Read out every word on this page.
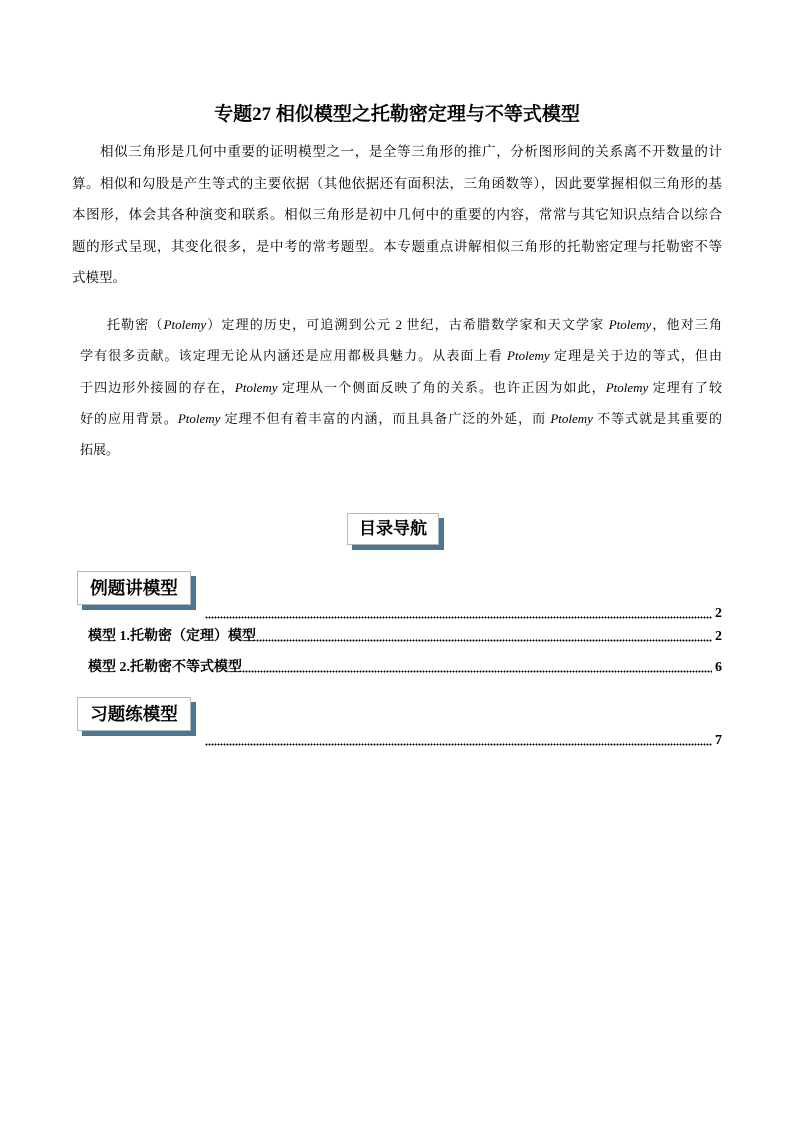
专题27 相似模型之托勒密定理与不等式模型
相似三角形是几何中重要的证明模型之一，是全等三角形的推广，分析图形间的关系离不开数量的计
算。相似和勾股是产生等式的主要依据（其他依据还有面积法，三角函数等），因此要掌握相似三角形的基
本图形，体会其各种演变和联系。相似三角形是初中几何中的重要的内容，常常与其它知识点结合以综合
题的形式呈现，其变化很多，是中考的常考题型。本专题重点讲解相似三角形的托勒密定理与托勒密不等
式模型。
托勒密（Ptolemy）定理的历史，可追溯到公元 2 世纪，古希腊数学家和天文学家 Ptolemy，他对三角
学有很多贡献。该定理无论从内涵还是应用都极具魅力。从表面上看 Ptolemy 定理是关于边的等式，但由
于四边形外接圆的存在，Ptolemy 定理从一个侧面反映了角的关系。也许正因为如此，Ptolemy 定理有了较
好的应用背景。Ptolemy 定理不但有着丰富的内涵，而且具备广泛的外延，而 Ptolemy 不等式就是其重要的
拓展。
目录导航
例题讲模型
2
模型 1.托勒密（定理）模型	2
模型 2.托勒密不等式模型	6
习题练模型
7
